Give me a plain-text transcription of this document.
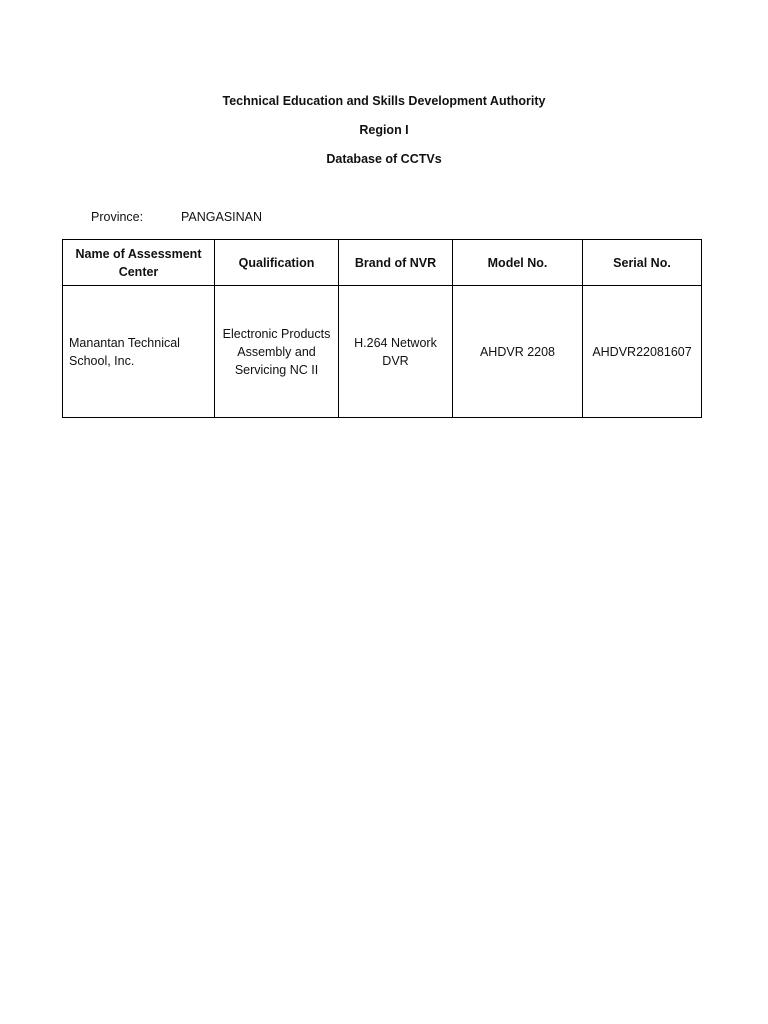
Technical Education and Skills Development Authority
Region I
Database of CCTVs
Province:	PANGASINAN
Name of Assessment Center	Qualification	Brand of NVR	Model No.	Serial No.
Manantan Technical School, Inc.	Electronic Products Assembly and Servicing NC II	H.264 Network DVR	AHDVR 2208	AHDVR22081607
